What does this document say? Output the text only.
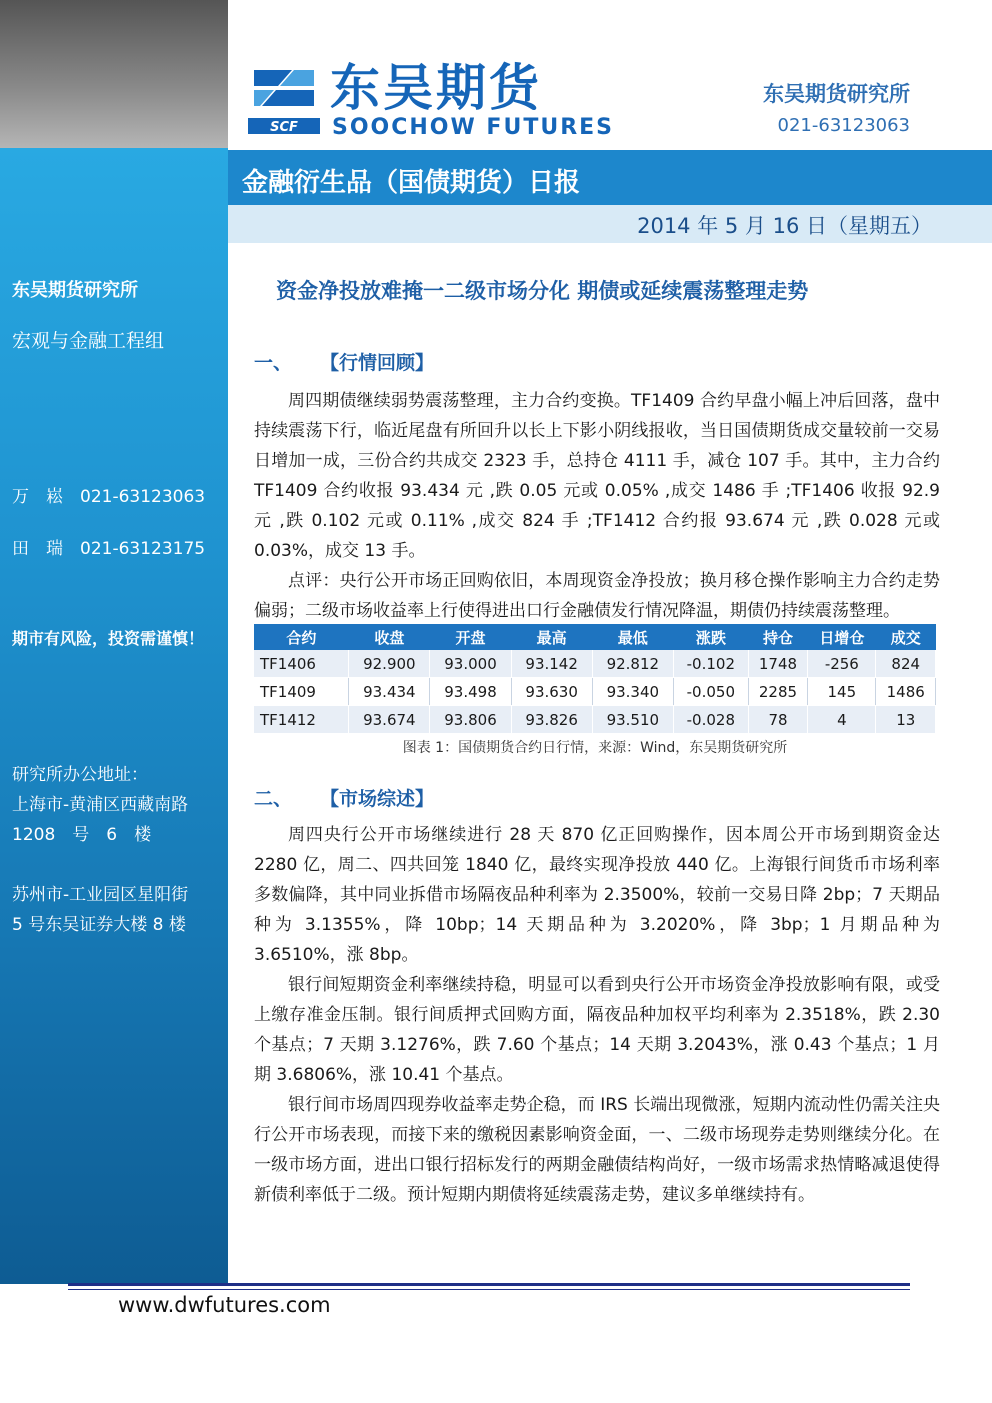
东吴期货研究所
宏观与金融工程组
万　崧　021-63123063
田　瑞　021-63123175
期市有风险，投资需谨慎！
研究所办公地址：
上海市-黄浦区西藏南路
1208　号　6　楼
苏州市-工业园区星阳街
5 号东吴证券大楼 8 楼
SCF
东吴期货
SOOCHOW FUTURES
东吴期货研究所
021-63123063
金融衍生品（国债期货）日报
2014 年 5 月 16 日（星期五）
资金净投放难掩一二级市场分化 期债或延续震荡整理走势
一、 【行情回顾】
周四期债继续弱势震荡整理，主力合约变换。TF1409 合约早盘小幅上冲后回落，盘中持续震荡下行，临近尾盘有所回升以长上下影小阴线报收，当日国债期货成交量较前一交易日增加一成，三份合约共成交 2323 手，总持仓 4111 手，减仓 107 手。其中，主力合约 TF1409 合约收报 93.434 元 ,跌 0.05 元或 0.05% ,成交 1486 手 ;TF1406 收报 92.9 元 ,跌 0.102 元或 0.11% ,成交 824 手 ;TF1412 合约报 93.674 元 ,跌 0.028 元或 0.03%，成交 13 手。
点评：央行公开市场正回购依旧，本周现资金净投放；换月移仓操作影响主力合约走势偏弱；二级市场收益率上行使得进出口行金融债发行情况降温，期债仍持续震荡整理。
合约	收盘	开盘	最高	最低	涨跌	持仓	日增仓	成交
TF1406	92.900	93.000	93.142	92.812	-0.102	1748	-256	824
TF1409	93.434	93.498	93.630	93.340	-0.050	2285	145	1486
TF1412	93.674	93.806	93.826	93.510	-0.028	78	4	13
图表 1：国债期货合约日行情，来源：Wind，东吴期货研究所
二、 【市场综述】
周四央行公开市场继续进行 28 天 870 亿正回购操作，因本周公开市场到期资金达 2280 亿，周二、四共回笼 1840 亿，最终实现净投放 440 亿。上海银行间货币市场利率多数偏降，其中同业拆借市场隔夜品种利率为 2.3500%，较前一交易日降 2bp；7 天期品种为 3.1355%，降 10bp；14 天期品种为 3.2020%，降 3bp；1 月期品种为 3.6510%，涨 8bp。
银行间短期资金利率继续持稳，明显可以看到央行公开市场资金净投放影响有限，或受上缴存准金压制。银行间质押式回购方面，隔夜品种加权平均利率为 2.3518%，跌 2.30 个基点；7 天期 3.1276%，跌 7.60 个基点；14 天期 3.2043%，涨 0.43 个基点；1 月期 3.6806%，涨 10.41 个基点。
银行间市场周四现券收益率走势企稳，而 IRS 长端出现微涨，短期内流动性仍需关注央行公开市场表现，而接下来的缴税因素影响资金面，一、二级市场现券走势则继续分化。在一级市场方面，进出口银行招标发行的两期金融债结构尚好，一级市场需求热情略减退使得新债利率低于二级。预计短期内期债将延续震荡走势，建议多单继续持有。
www.dwfutures.com
